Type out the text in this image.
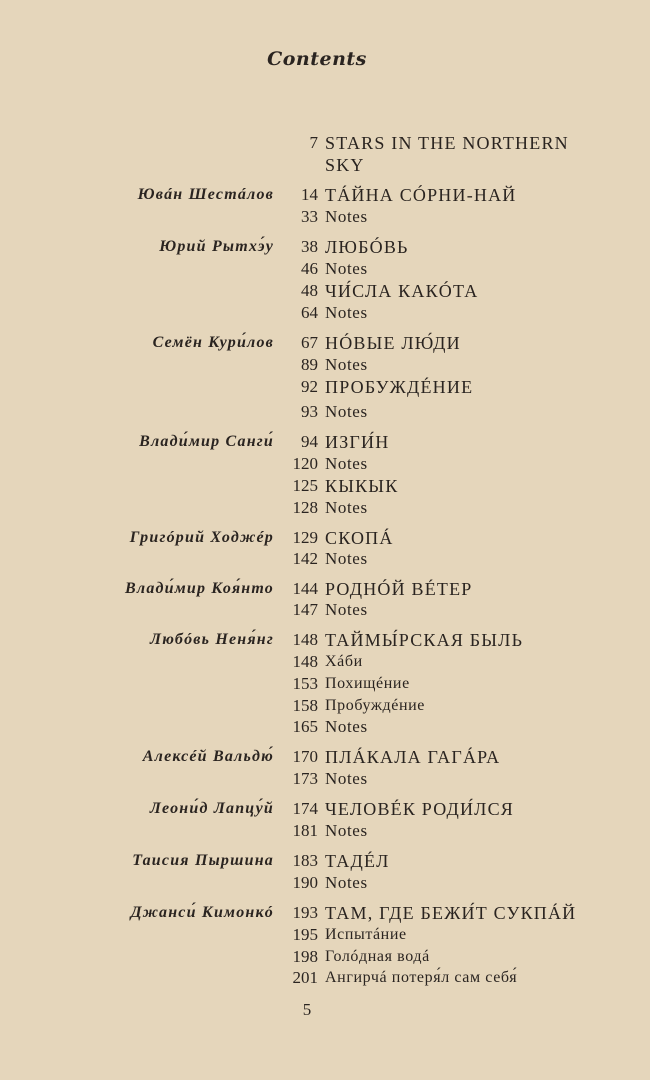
Contents
7 STARS IN THE NORTHERN
SKY
Ювáн Шестáлов	14 ТÁЙНА СÓРНИ-НАЙ
33 Notes
Юрий Рытхэ́у	38 ЛЮБÓВЬ
46 Notes
48 ЧИ́СЛА КАКÓТА
64 Notes
Семён Кури́лов	67 НÓВЫЕ ЛЮ́ДИ
89 Notes
92 ПРОБУЖДÉНИЕ
93 Notes
Влади́мир Санги́	94 ИЗГИ́Н
120 Notes
125 КЫКЫК
128 Notes
Григóрий Ходжéр	129 СКОПÁ
142 Notes
Влади́мир Коя́нто	144 РОДНÓЙ ВÉТЕР
147 Notes
Любóвь Неня́нг	148 ТАЙМЫ́РСКАЯ БЫЛЬ
148 Хáби
153 Похищéние
158 Пробуждéние
165 Notes
Алексéй Вальдю́	170 ПЛÁКАЛА ГАГÁРА
173 Notes
Леони́д Лапцу́й	174 ЧЕЛОВÉК РОДИ́ЛСЯ
181 Notes
Таисия Пыршина	183 ТАДÉЛ
190 Notes
Джанси́ Кимонкó	193 ТАМ, ГДЕ БЕЖИ́Т СУКПÁЙ
195 Испытáние
198 Голóдная водá
201 Ангирчá потеря́л сам себя́
5
